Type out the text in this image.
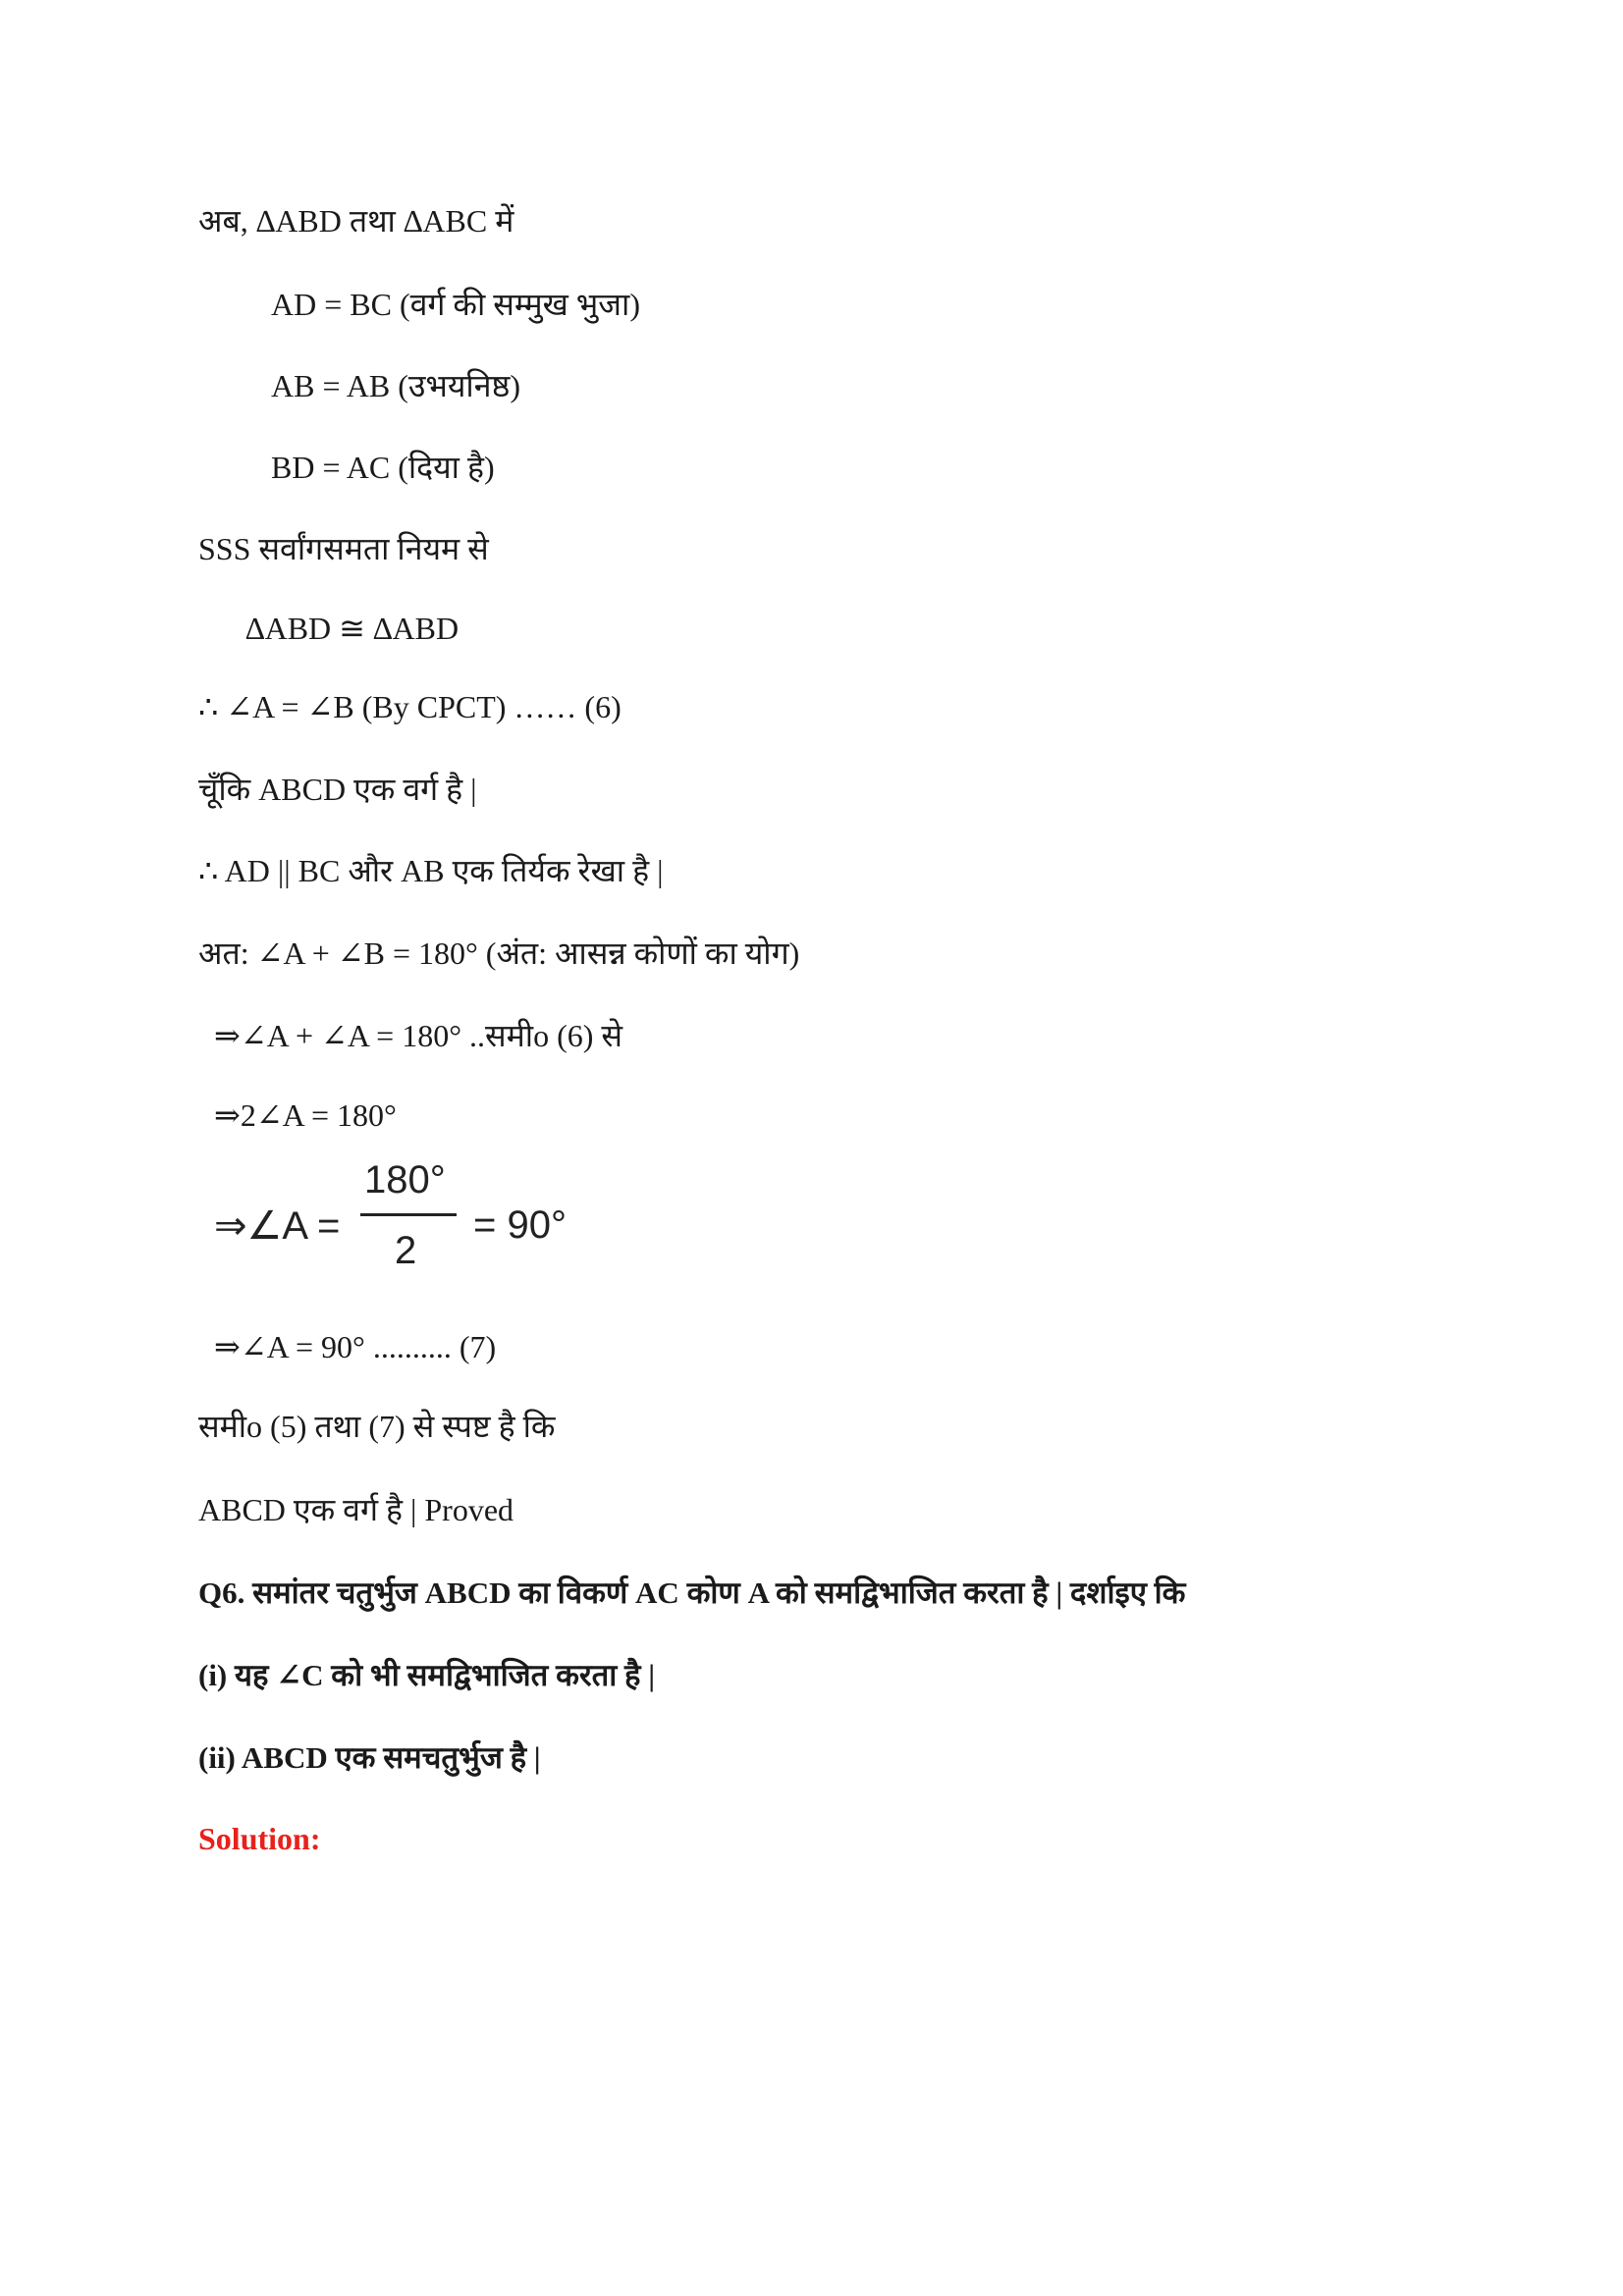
अब, ∆ABD तथा ∆ABC में
AD = BC (वर्ग की सम्मुख भुजा)
AB = AB (उभयनिष्ठ)
BD = AC (दिया है)
SSS सर्वांगसमता नियम से
∆ABD ≅ ∆ABD
∴ ∠A = ∠B (By CPCT) …… (6)
चूँकि ABCD एक वर्ग है |
∴ AD || BC और AB एक तिर्यक रेखा है |
अत: ∠A + ∠B = 180° (अंत: आसन्न कोणों का योग)
⇒∠A + ∠A = 180° ..समीo (6) से
⇒2∠A = 180°
⇒∠A =
180°
2
= 90°
⇒∠A = 90° .......... (7)
समीo (5) तथा (7) से स्पष्ट है कि
ABCD एक वर्ग है | Proved
Q6. समांतर चतुर्भुज ABCD का विकर्ण AC कोण A को समद्विभाजित करता है | दर्शाइए कि
(i) यह ∠C को भी समद्विभाजित करता है |
(ii) ABCD एक समचतुर्भुज है |
Solution:
